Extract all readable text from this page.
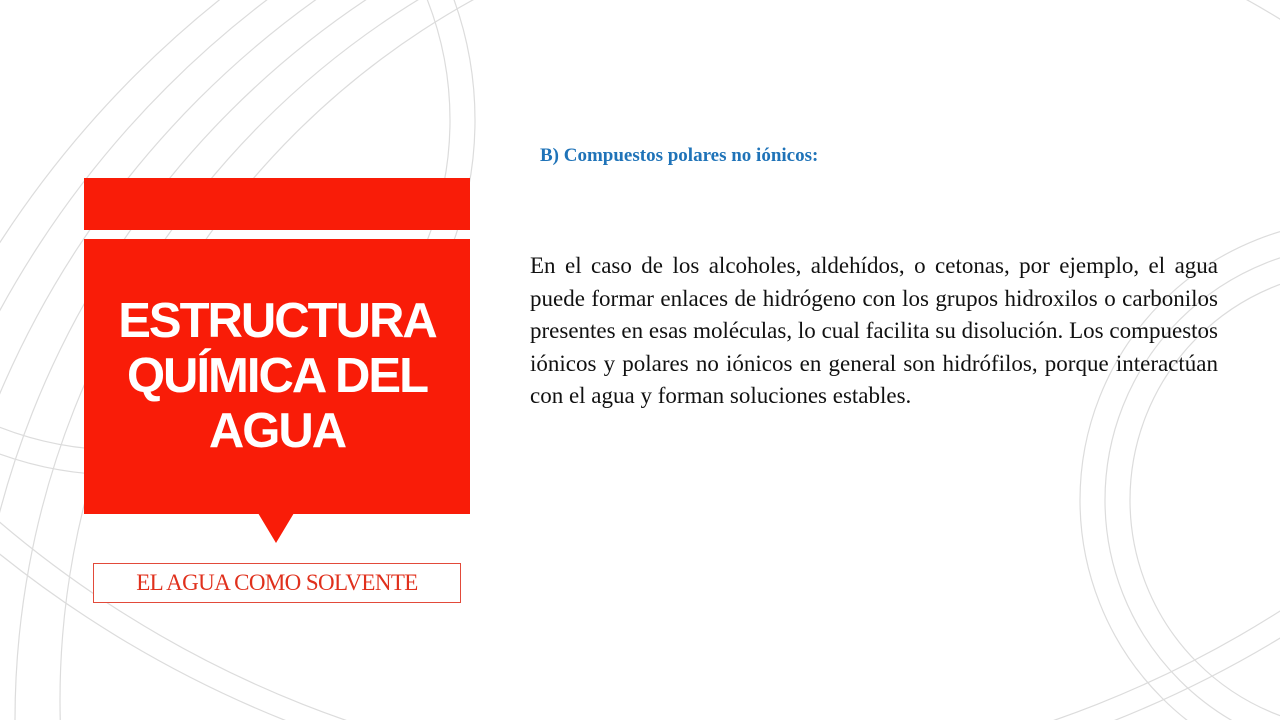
ESTRUCTURA QUÍMICA DEL AGUA
EL AGUA COMO SOLVENTE
B) Compuestos polares no iónicos:

En el caso de los alcoholes, aldehídos, o cetonas, por ejemplo, el agua puede formar enlaces de hidrógeno con los grupos hidroxilos o carbonilos presentes en esas moléculas, lo cual facilita su disolución. Los compuestos iónicos y polares no iónicos en general son hidrófilos, porque interactúan con el agua y forman soluciones estables.
